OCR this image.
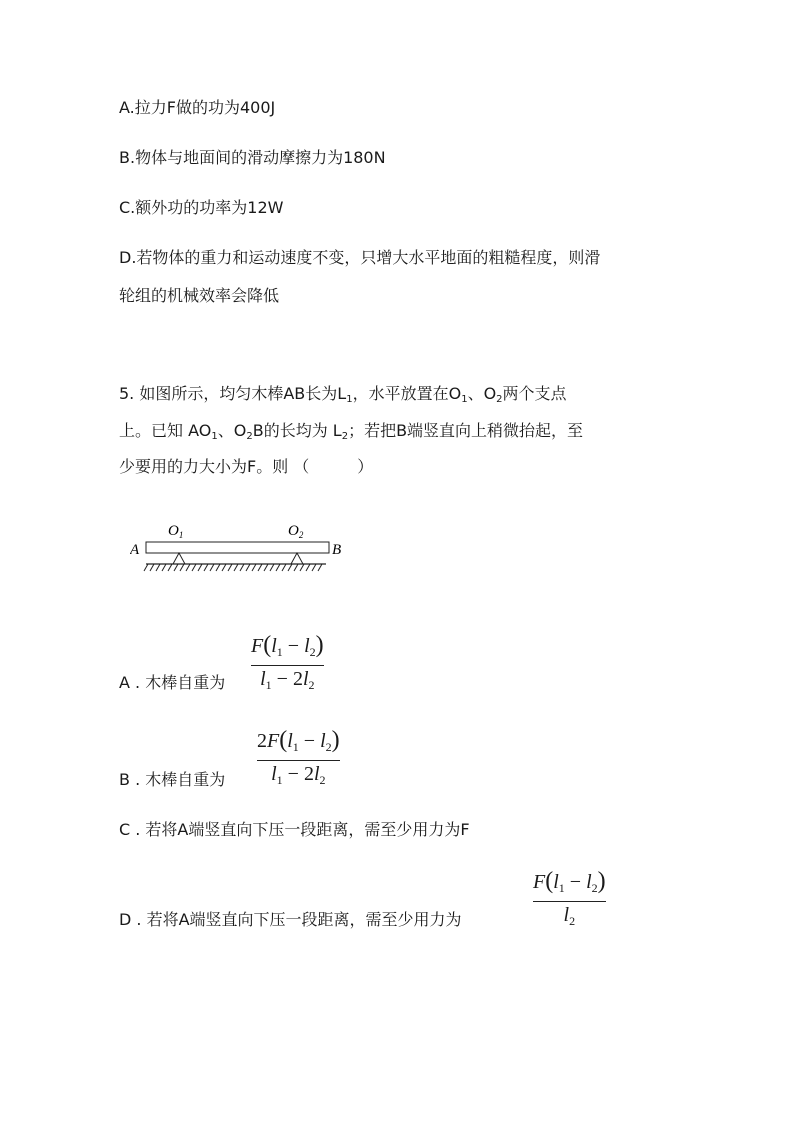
A.拉力F做的功为400J
B.物体与地面间的滑动摩擦力为180N
C.额外功的功率为12W
D.若物体的重力和运动速度不变，只增大水平地面的粗糙程度，则滑
轮组的机械效率会降低
5. 如图所示，均匀木棒AB长为$L_1$，水平放置在$O_1$、$O_2$两个支点
上。已知 $AO_1$、$O_2B$的长均为 $L_2$；若把B端竖直向上稍微抬起，至
少要用的力大小为F。则 （　　　）
$O_1$	$O_2$
A	B
A . 木棒自重为
$F(l_1 - l_2)$
$l_1 - 2l_2$
B . 木棒自重为
$2F(l_1 - l_2)$
$l_1 - 2l_2$
C . 若将A端竖直向下压一段距离，需至少用力为F
D . 若将A端竖直向下压一段距离，需至少用力为
$F(l_1 - l_2)$
$l_2$
